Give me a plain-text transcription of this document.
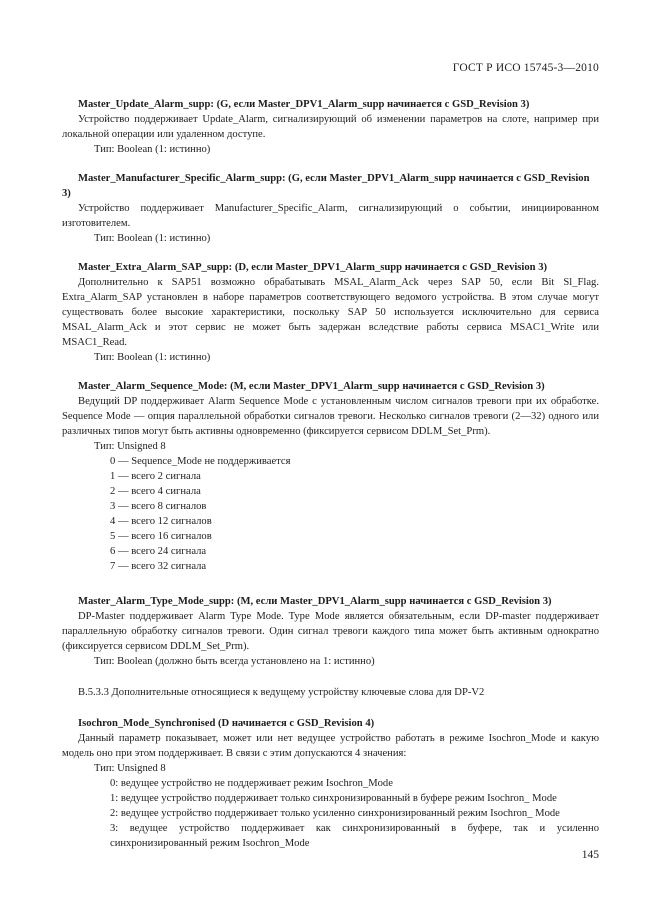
ГОСТ Р ИСО 15745-3—2010

Master_Update_Alarm_supp: (G, если Master_DPV1_Alarm_supp начинается с GSD_Revision 3)

Устройство поддерживает Update_Alarm, сигнализирующий об изменении параметров на слоте, например при локальной операции или удаленном доступе.

Тип: Boolean (1: истинно)

Master_Manufacturer_Specific_Alarm_supp: (G, если Master_DPV1_Alarm_supp начинается с GSD_Revision 3)

Устройство поддерживает Manufacturer_Specific_Alarm, сигнализирующий о событии, инициированном изготовителем.

Тип: Boolean (1: истинно)

Master_Extra_Alarm_SAP_supp: (D, если Master_DPV1_Alarm_supp начинается с GSD_Revision 3)

Дополнительно к SAP51 возможно обрабатывать MSAL_Alarm_Ack через SAP 50, если Bit Sl_Flag. Extra_Alarm_SAP установлен в наборе параметров соответствующего ведомого устройства. В этом случае могут существовать более высокие характеристики, поскольку SAP 50 используется исключительно для сервиса MSAL_Alarm_Ack и этот сервис не может быть задержан вследствие работы сервиса MSAC1_Write или MSAC1_Read.

Тип: Boolean (1: истинно)

Master_Alarm_Sequence_Mode: (M, если Master_DPV1_Alarm_supp начинается с GSD_Revision 3)

Ведущий DP поддерживает Alarm Sequence Mode с установленным числом сигналов тревоги при их обработке. Sequence Mode — опция параллельной обработки сигналов тревоги. Несколько сигналов тревоги (2—32) одного или различных типов могут быть активны одновременно (фиксируется сервисом DDLM_Set_Prm).

Тип: Unsigned 8

0 — Sequence_Mode не поддерживается
1 — всего 2 сигнала
2 — всего 4 сигнала
3 — всего 8 сигналов
4 — всего 12 сигналов
5 — всего 16 сигналов
6 — всего 24 сигнала
7 — всего 32 сигнала

Master_Alarm_Type_Mode_supp: (M, если Master_DPV1_Alarm_supp начинается с GSD_Revision 3)

DP-Master поддерживает Alarm Type Mode. Type Mode является обязательным, если DP-master поддерживает параллельную обработку сигналов тревоги. Один сигнал тревоги каждого типа может быть активным однократно (фиксируется сервисом DDLM_Set_Prm).

Тип: Boolean (должно быть всегда установлено на 1: истинно)

В.5.3.3 Дополнительные относящиеся к ведущему устройству ключевые слова для DP-V2

Isochron_Mode_Synchronised (D начинается с GSD_Revision 4)

Данный параметр показывает, может или нет ведущее устройство работать в режиме Isochron_Mode и какую модель оно при этом поддерживает. В связи с этим допускаются 4 значения:

Тип: Unsigned 8

0: ведущее устройство не поддерживает режим Isochron_Mode
1: ведущее устройство поддерживает только синхронизированный в буфере режим Isochron_ Mode
2: ведущее устройство поддерживает только усиленно синхронизированный режим Isochron_ Mode
3: ведущее устройство поддерживает как синхронизированный в буфере, так и усиленно синхронизированный режим Isochron_Mode
145
